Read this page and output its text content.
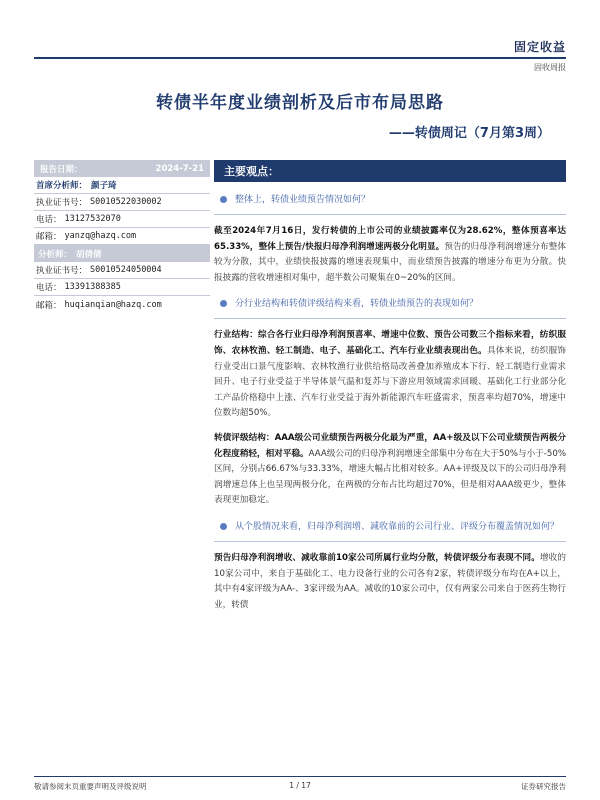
固定收益
固收周报
转债半年度业绩剖析及后市布局思路
——转债周记（7月第3周）
报告日期：	2024-7-21
首席分析师： 颜子琦
执业证书号： S0010522030002
电话： 13127532070
邮箱： yanzq@hazq.com
分析师： 胡倩倩
执业证书号： S0010524050004
电话： 13391388385
邮箱： huqianqian@hazq.com
主要观点：
整体上，转债业绩预告情况如何？

截至2024年7月16日，发行转债的上市公司的业绩披露率仅为28.62%，整体预喜率达65.33%，整体上预告/快报归母净利润增速两极分化明显。预告的归母净利润增速分布整体较为分散，其中，业绩快报披露的增速表现集中，而业绩预告披露的增速分布更为分散。快报披露的营收增速相对集中，超半数公司聚集在0~20%的区间。

分行业结构和转债评级结构来看，转债业绩预告的表现如何？

行业结构：综合各行业归母净利润预喜率、增速中位数、预告公司数三个指标来看，纺织服饰、农林牧渔、轻工制造、电子、基础化工、汽车行业业绩表现出色。具体来说，纺织服饰行业受出口景气度影响、农林牧渔行业供给格局改善叠加养殖成本下行、轻工制造行业需求回升、电子行业受益于半导体景气温和复苏与下游应用领域需求回暖、基础化工行业部分化工产品价格稳中上涨、汽车行业受益于海外新能源汽车旺盛需求，预喜率均超70%，增速中位数均超50%。

转债评级结构：AAA级公司业绩预告两极分化最为严重，AA+级及以下公司业绩预告两极分化程度稍轻，相对平稳。AAA级公司的归母净利润增速全部集中分布在大于50%与小于-50%区间，分别占66.67%与33.33%，增速大幅占比相对较多。AA+评级及以下的公司归母净利润增速总体上也呈现两极分化，在两极的分布占比均超过70%，但是相对AAA级更少，整体表现更加稳定。

从个股情况来看，归母净利润增、减收靠前的公司行业、评级分布覆盖情况如何？

预告归母净利润增收、减收靠前10家公司所属行业均分散，转债评级分布表现不同。增收的10家公司中，来自于基础化工、电力设备行业的公司各有2家，转债评级分布均在A+以上，其中有4家评级为AA-、3家评级为AA。减收的10家公司中，仅有两家公司来自于医药生物行业，转债

敬请参阅末页重要声明及评级说明	1 / 17	证券研究报告
